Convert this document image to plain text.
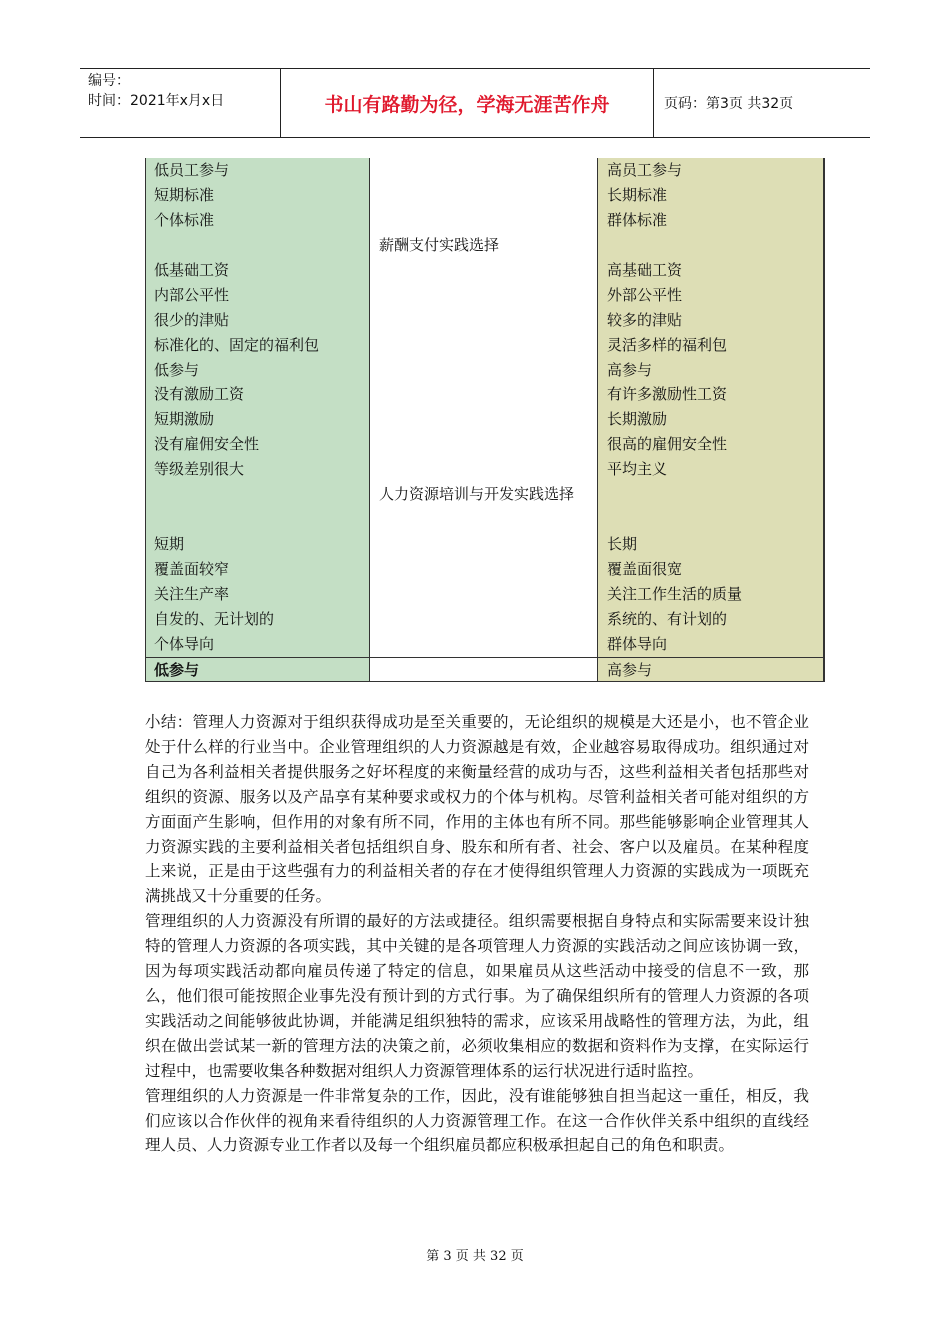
编号：
时间：2021年x月x日	书山有路勤为径，学海无涯苦作舟	页码：第3页 共32页
低员工参与
短期标准
个体标准
低基础工资
内部公平性
很少的津贴
标准化的、固定的福利包
低参与
没有激励工资
短期激励
没有雇佣安全性
等级差别很大
短期
覆盖面较窄
关注生产率
自发的、无计划的
个体导向
低参与
薪酬支付实践选择
人力资源培训与开发实践选择
高员工参与
长期标准
群体标准
高基础工资
外部公平性
较多的津贴
灵活多样的福利包
高参与
有许多激励性工资
长期激励
很高的雇佣安全性
平均主义
长期
覆盖面很宽
关注工作生活的质量
系统的、有计划的
群体导向
高参与

小结：管理人力资源对于组织获得成功是至关重要的，无论组织的规模是大还是小，也不管企业处于什么样的行业当中。企业管理组织的人力资源越是有效，企业越容易取得成功。组织通过对自己为各利益相关者提供服务之好坏程度的来衡量经营的成功与否，这些利益相关者包括那些对组织的资源、服务以及产品享有某种要求或权力的个体与机构。尽管利益相关者可能对组织的方方面面产生影响，但作用的对象有所不同，作用的主体也有所不同。那些能够影响企业管理其人力资源实践的主要利益相关者包括组织自身、股东和所有者、社会、客户以及雇员。在某种程度上来说，正是由于这些强有力的利益相关者的存在才使得组织管理人力资源的实践成为一项既充满挑战又十分重要的任务。

管理组织的人力资源没有所谓的最好的方法或捷径。组织需要根据自身特点和实际需要来设计独特的管理人力资源的各项实践，其中关键的是各项管理人力资源的实践活动之间应该协调一致，因为每项实践活动都向雇员传递了特定的信息，如果雇员从这些活动中接受的信息不一致，那么，他们很可能按照企业事先没有预计到的方式行事。为了确保组织所有的管理人力资源的各项实践活动之间能够彼此协调，并能满足组织独特的需求，应该采用战略性的管理方法，为此，组织在做出尝试某一新的管理方法的决策之前，必须收集相应的数据和资料作为支撑，在实际运行过程中，也需要收集各种数据对组织人力资源管理体系的运行状况进行适时监控。

管理组织的人力资源是一件非常复杂的工作，因此，没有谁能够独自担当起这一重任，相反，我们应该以合作伙伴的视角来看待组织的人力资源管理工作。在这一合作伙伴关系中组织的直线经理人员、人力资源专业工作者以及每一个组织雇员都应积极承担起自己的角色和职责。

第 3 页 共 32 页
